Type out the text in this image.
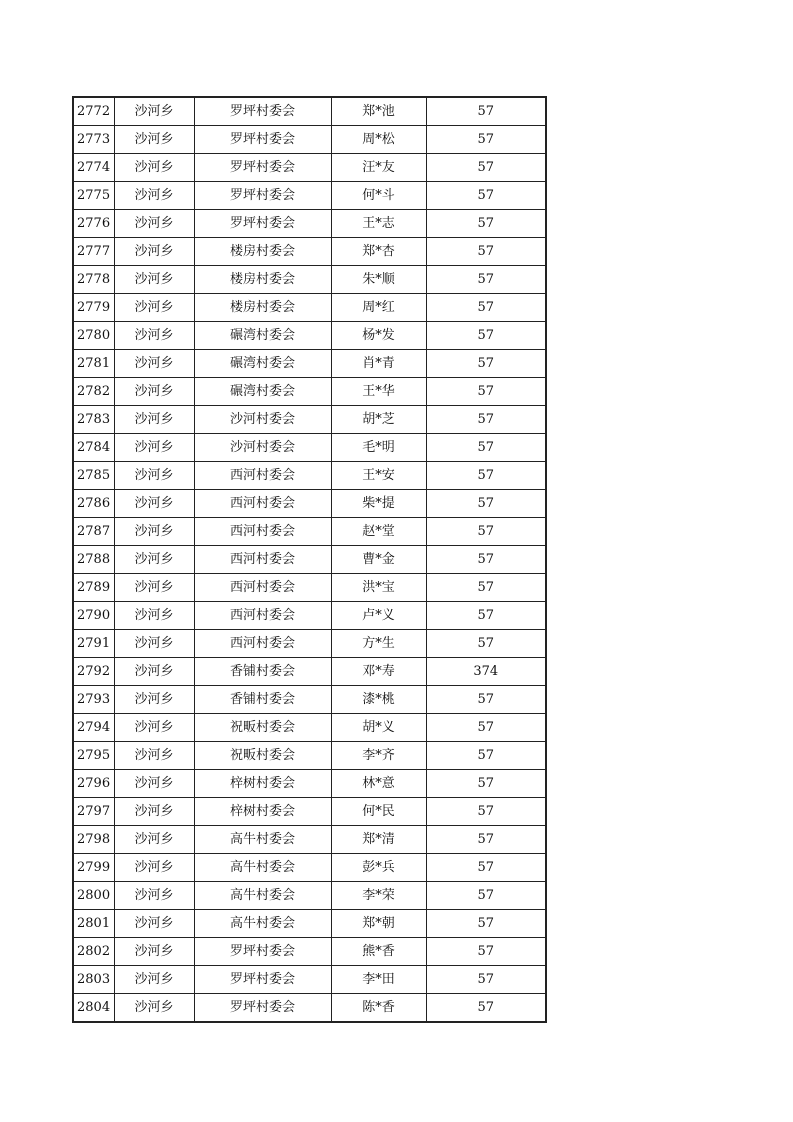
2772	沙河乡	罗坪村委会	郑*池	57
2773	沙河乡	罗坪村委会	周*松	57
2774	沙河乡	罗坪村委会	汪*友	57
2775	沙河乡	罗坪村委会	何*斗	57
2776	沙河乡	罗坪村委会	王*志	57
2777	沙河乡	楼房村委会	郑*杏	57
2778	沙河乡	楼房村委会	朱*顺	57
2779	沙河乡	楼房村委会	周*红	57
2780	沙河乡	碾湾村委会	杨*发	57
2781	沙河乡	碾湾村委会	肖*青	57
2782	沙河乡	碾湾村委会	王*华	57
2783	沙河乡	沙河村委会	胡*芝	57
2784	沙河乡	沙河村委会	毛*明	57
2785	沙河乡	西河村委会	王*安	57
2786	沙河乡	西河村委会	柴*提	57
2787	沙河乡	西河村委会	赵*堂	57
2788	沙河乡	西河村委会	曹*金	57
2789	沙河乡	西河村委会	洪*宝	57
2790	沙河乡	西河村委会	卢*义	57
2791	沙河乡	西河村委会	方*生	57
2792	沙河乡	香铺村委会	邓*寿	374
2793	沙河乡	香铺村委会	漆*桃	57
2794	沙河乡	祝畈村委会	胡*义	57
2795	沙河乡	祝畈村委会	李*齐	57
2796	沙河乡	梓树村委会	林*意	57
2797	沙河乡	梓树村委会	何*民	57
2798	沙河乡	高牛村委会	郑*清	57
2799	沙河乡	高牛村委会	彭*兵	57
2800	沙河乡	高牛村委会	李*荣	57
2801	沙河乡	高牛村委会	郑*朝	57
2802	沙河乡	罗坪村委会	熊*香	57
2803	沙河乡	罗坪村委会	李*田	57
2804	沙河乡	罗坪村委会	陈*香	57
